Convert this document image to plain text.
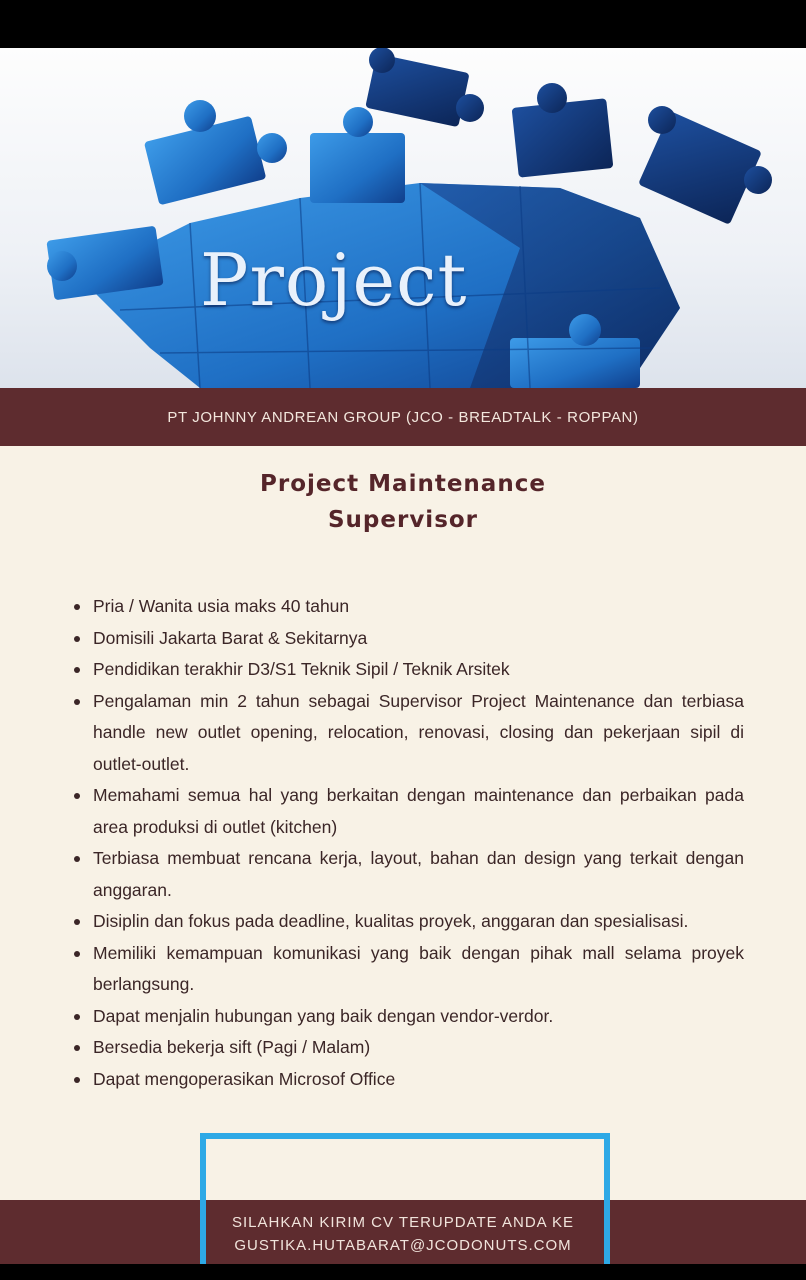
Project
PT JOHNNY ANDREAN GROUP (JCO - BREADTALK - ROPPAN)
Project Maintenance
Supervisor
Pria / Wanita usia maks 40 tahun
Domisili Jakarta Barat & Sekitarnya
Pendidikan terakhir D3/S1 Teknik Sipil / Teknik Arsitek
Pengalaman min 2 tahun sebagai Supervisor Project Maintenance dan terbiasa handle new outlet opening, relocation, renovasi, closing dan pekerjaan sipil di outlet-outlet.
Memahami semua hal yang berkaitan dengan maintenance dan perbaikan pada area produksi di outlet (kitchen)
Terbiasa membuat rencana kerja, layout, bahan dan design yang terkait dengan anggaran.
Disiplin dan fokus pada deadline, kualitas proyek, anggaran dan spesialisasi.
Memiliki kemampuan komunikasi yang baik dengan pihak mall selama proyek berlangsung.
Dapat menjalin hubungan yang baik dengan vendor-verdor.
Bersedia bekerja sift (Pagi / Malam)
Dapat mengoperasikan Microsof Office
SILAHKAN KIRIM CV TERUPDATE ANDA KE
GUSTIKA.HUTABARAT@JCODONUTS.COM
